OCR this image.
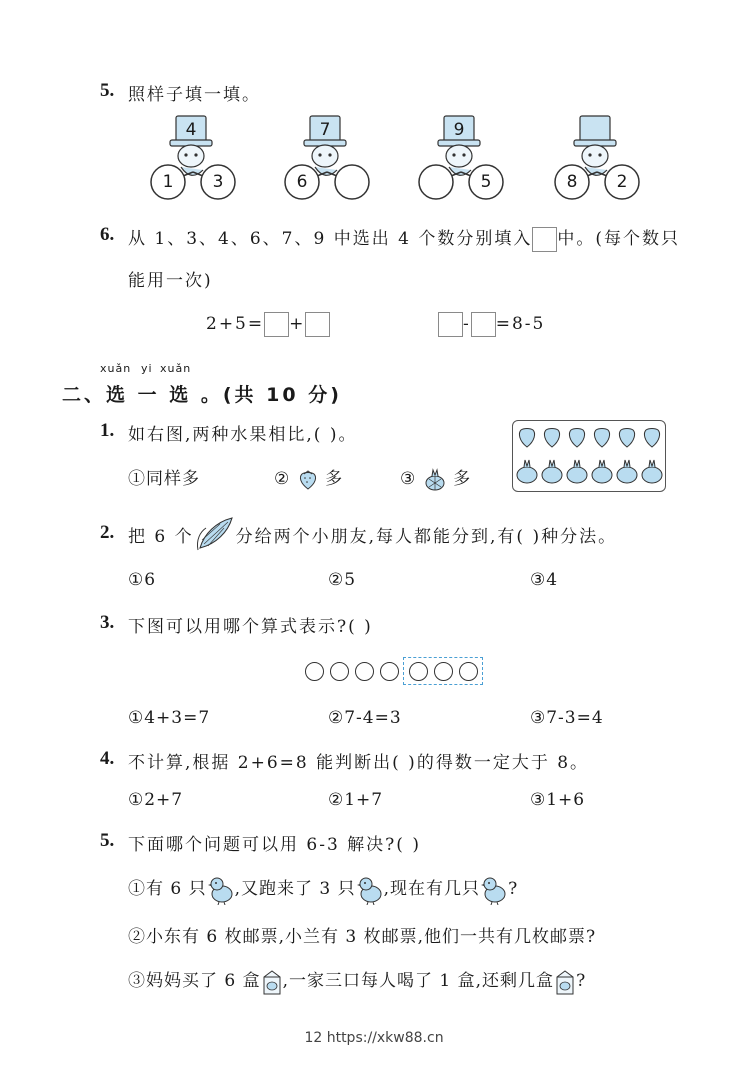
5. 照样子填一填。
4
1	3
7
6
9
5	8	2
6. 从 1、3、4、6、7、9 中选出 4 个数分别填入 中。(每个数只
能用一次)
2+5= +	- =8-5
xuǎn yi xuǎn
二、选 一 选 。(共 10 分)
1. 如右图,两种水果相比,( )。
①同样多	② 多	③ 多
2. 把 6 个 分给两个小朋友,每人都能分到,有( )种分法。
①6	②5	③4
3. 下图可以用哪个算式表示?( )
①4+3=7	②7-4=3	③7-3=4
4. 不计算,根据 2+6=8 能判断出( )的得数一定大于 8。
①2+7	②1+7	③1+6
5. 下面哪个问题可以用 6-3 解决?( )
①有 6 只 ,又跑来了 3 只 ,现在有几只 ?
②小东有 6 枚邮票,小兰有 3 枚邮票,他们一共有几枚邮票?
③妈妈买了 6 盒 ,一家三口每人喝了 1 盒,还剩几盒 ?
12 https://xkw88.cn
